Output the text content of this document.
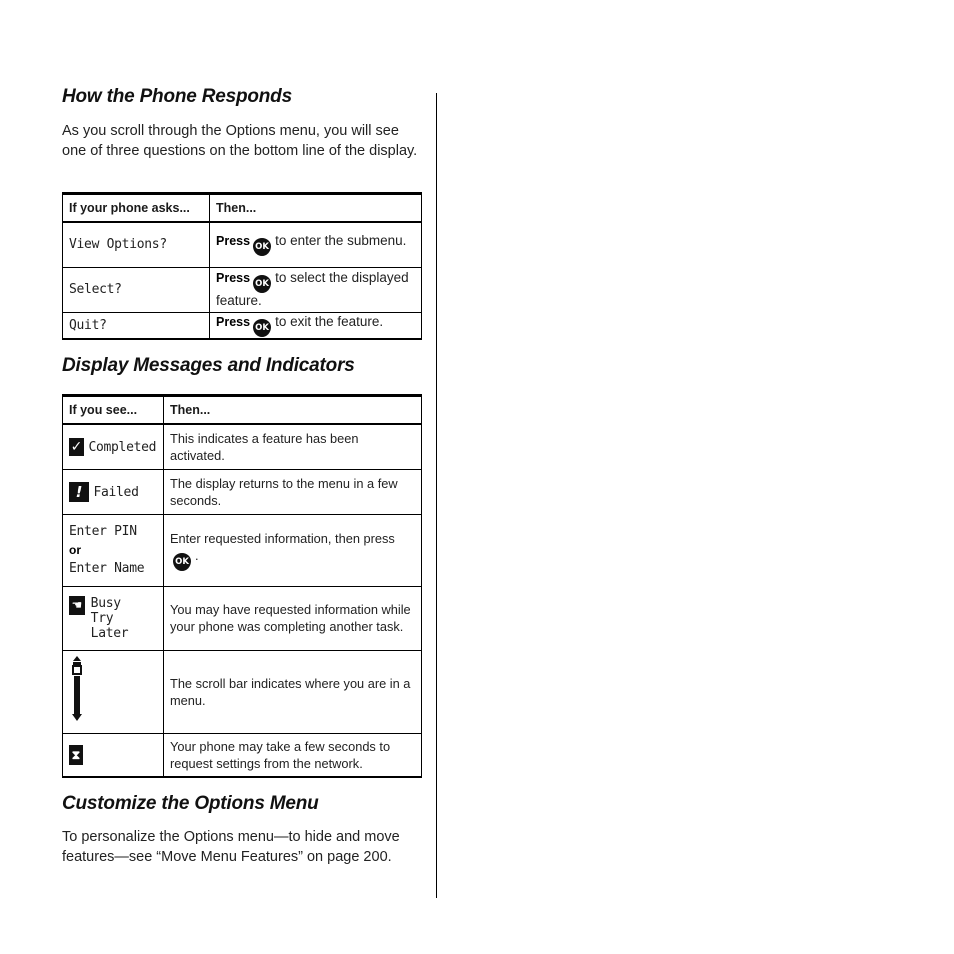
How the Phone Responds

As you scroll through the Options menu, you will see one of three questions on the bottom line of the display.

If your phone asks...	Then...
View Options?	Press OK to enter the submenu.
Select?	Press OK to select the displayed feature.
Quit?	Press OK to exit the feature.
Display Messages and Indicators
If you see...	Then...
✓ Completed	This indicates a feature has been activated.
! Failed	The display returns to the menu in a few seconds.

Enter PIN
or
Enter Name	Enter requested information, then pressOK .

☚ Busy
Try Later	You may have requested information while your phone was completing another task.
	The scroll bar indicates where you are in a menu.
⧗	Your phone may take a few seconds to request settings from the network.
Customize the Options Menu

To personalize the Options menu—to hide and move features—see “Move Menu Features” on page 200.
